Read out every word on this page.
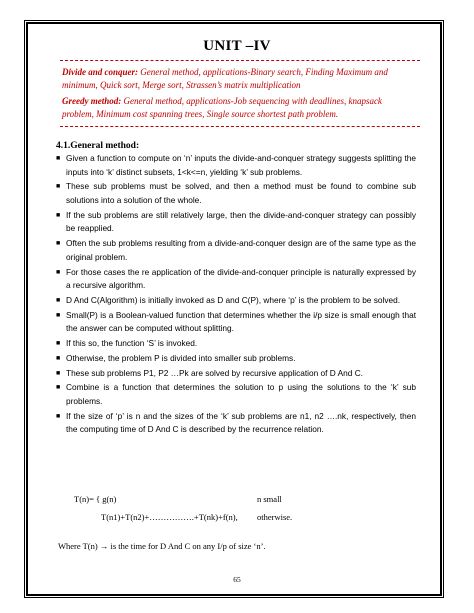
UNIT –IV
Divide and conquer: General method, applications-Binary search, Finding Maximum and minimum, Quick sort, Merge sort, Strassen’s matrix multiplication
Greedy method: General method, applications-Job sequencing with deadlines, knapsack problem, Minimum cost spanning trees, Single source shortest path problem.
4.1.General method:
■ Given a function to compute on ‘n’ inputs the divide-and-conquer strategy suggests splitting the inputs into ‘k’ distinct subsets, 1<k<=n, yielding ‘k’ sub problems.
■ These sub problems must be solved, and then a method must be found to combine sub solutions into a solution of the whole.
■ If the sub problems are still relatively large, then the divide-and-conquer strategy can possibly be reapplied.
■ Often the sub problems resulting from a divide-and-conquer design are of the same type as the original problem.
■ For those cases the re application of the divide-and-conquer principle is naturally expressed by a recursive algorithm.
■ D And C(Algorithm) is initially invoked as D and C(P), where ‘p’ is the problem to be solved.
■ Small(P) is a Boolean-valued function that determines whether the i/p size is small enough that the answer can be computed without splitting.
■ If this so, the function ‘S’ is invoked.
■ Otherwise, the problem P is divided into smaller sub problems.
■ These sub problems P1, P2 …Pk are solved by recursive application of D And C.
■ Combine is a function that determines the solution to p using the solutions to the ‘k’ sub problems.
■ If the size of ‘p’ is n and the sizes of the ‘k’ sub problems are n1, n2 ….nk, respectively, then the computing time of D And C is described by the recurrence relation.
T(n)= { g(n)	n small
T(n1)+T(n2)+…………….+T(nk)+f(n), otherwise.
Where T(n) → is the time for D And C on any I/p of size ‘n’.
65
